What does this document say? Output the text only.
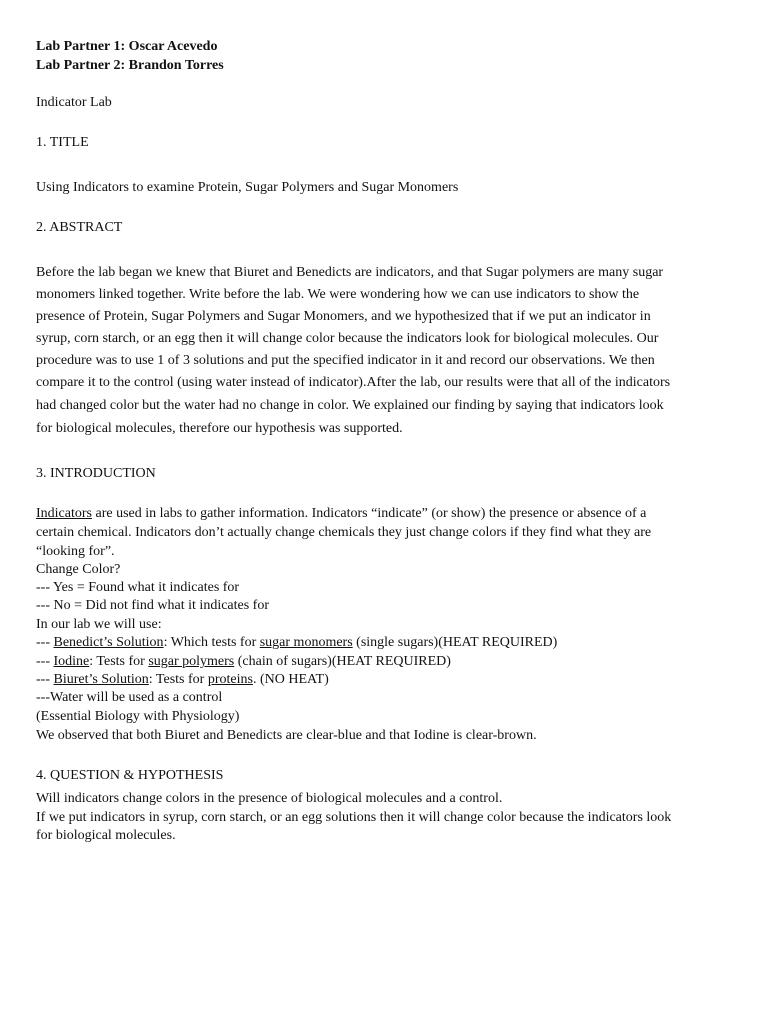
Lab Partner 1: Oscar Acevedo
Lab Partner 2: Brandon Torres
Indicator Lab
1. TITLE
Using Indicators to examine Protein, Sugar Polymers and Sugar Monomers
2. ABSTRACT
Before the lab began we knew that Biuret and Benedicts are indicators, and that Sugar polymers are many sugar
monomers linked together. Write before the lab. We were wondering how we can use indicators to show the
presence of Protein, Sugar Polymers and Sugar Monomers, and we hypothesized that if we put an indicator in
syrup, corn starch, or an egg then it will change color because the indicators look for biological molecules. Our
procedure was to use 1 of 3 solutions and put the specified indicator in it and record our observations. We then
compare it to the control (using water instead of indicator).After the lab, our results were that all of the indicators
had changed color but the water had no change in color. We explained our finding by saying that indicators look
for biological molecules, therefore our hypothesis was supported.
3. INTRODUCTION
Indicators are used in labs to gather information. Indicators “indicate” (or show) the presence or absence of a
certain chemical. Indicators don’t actually change chemicals they just change colors if they find what they are
“looking for”.
Change Color?
--- Yes = Found what it indicates for
--- No = Did not find what it indicates for
In our lab we will use:
--- Benedict’s Solution: Which tests for sugar monomers (single sugars)(HEAT REQUIRED)
--- Iodine: Tests for sugar polymers (chain of sugars)(HEAT REQUIRED)
--- Biuret’s Solution: Tests for proteins. (NO HEAT)
---Water will be used as a control
(Essential Biology with Physiology)
We observed that both Biuret and Benedicts are clear-blue and that Iodine is clear-brown.
4. QUESTION & HYPOTHESIS
Will indicators change colors in the presence of biological molecules and a control.
If we put indicators in syrup, corn starch, or an egg solutions then it will change color because the indicators look
for biological molecules.
